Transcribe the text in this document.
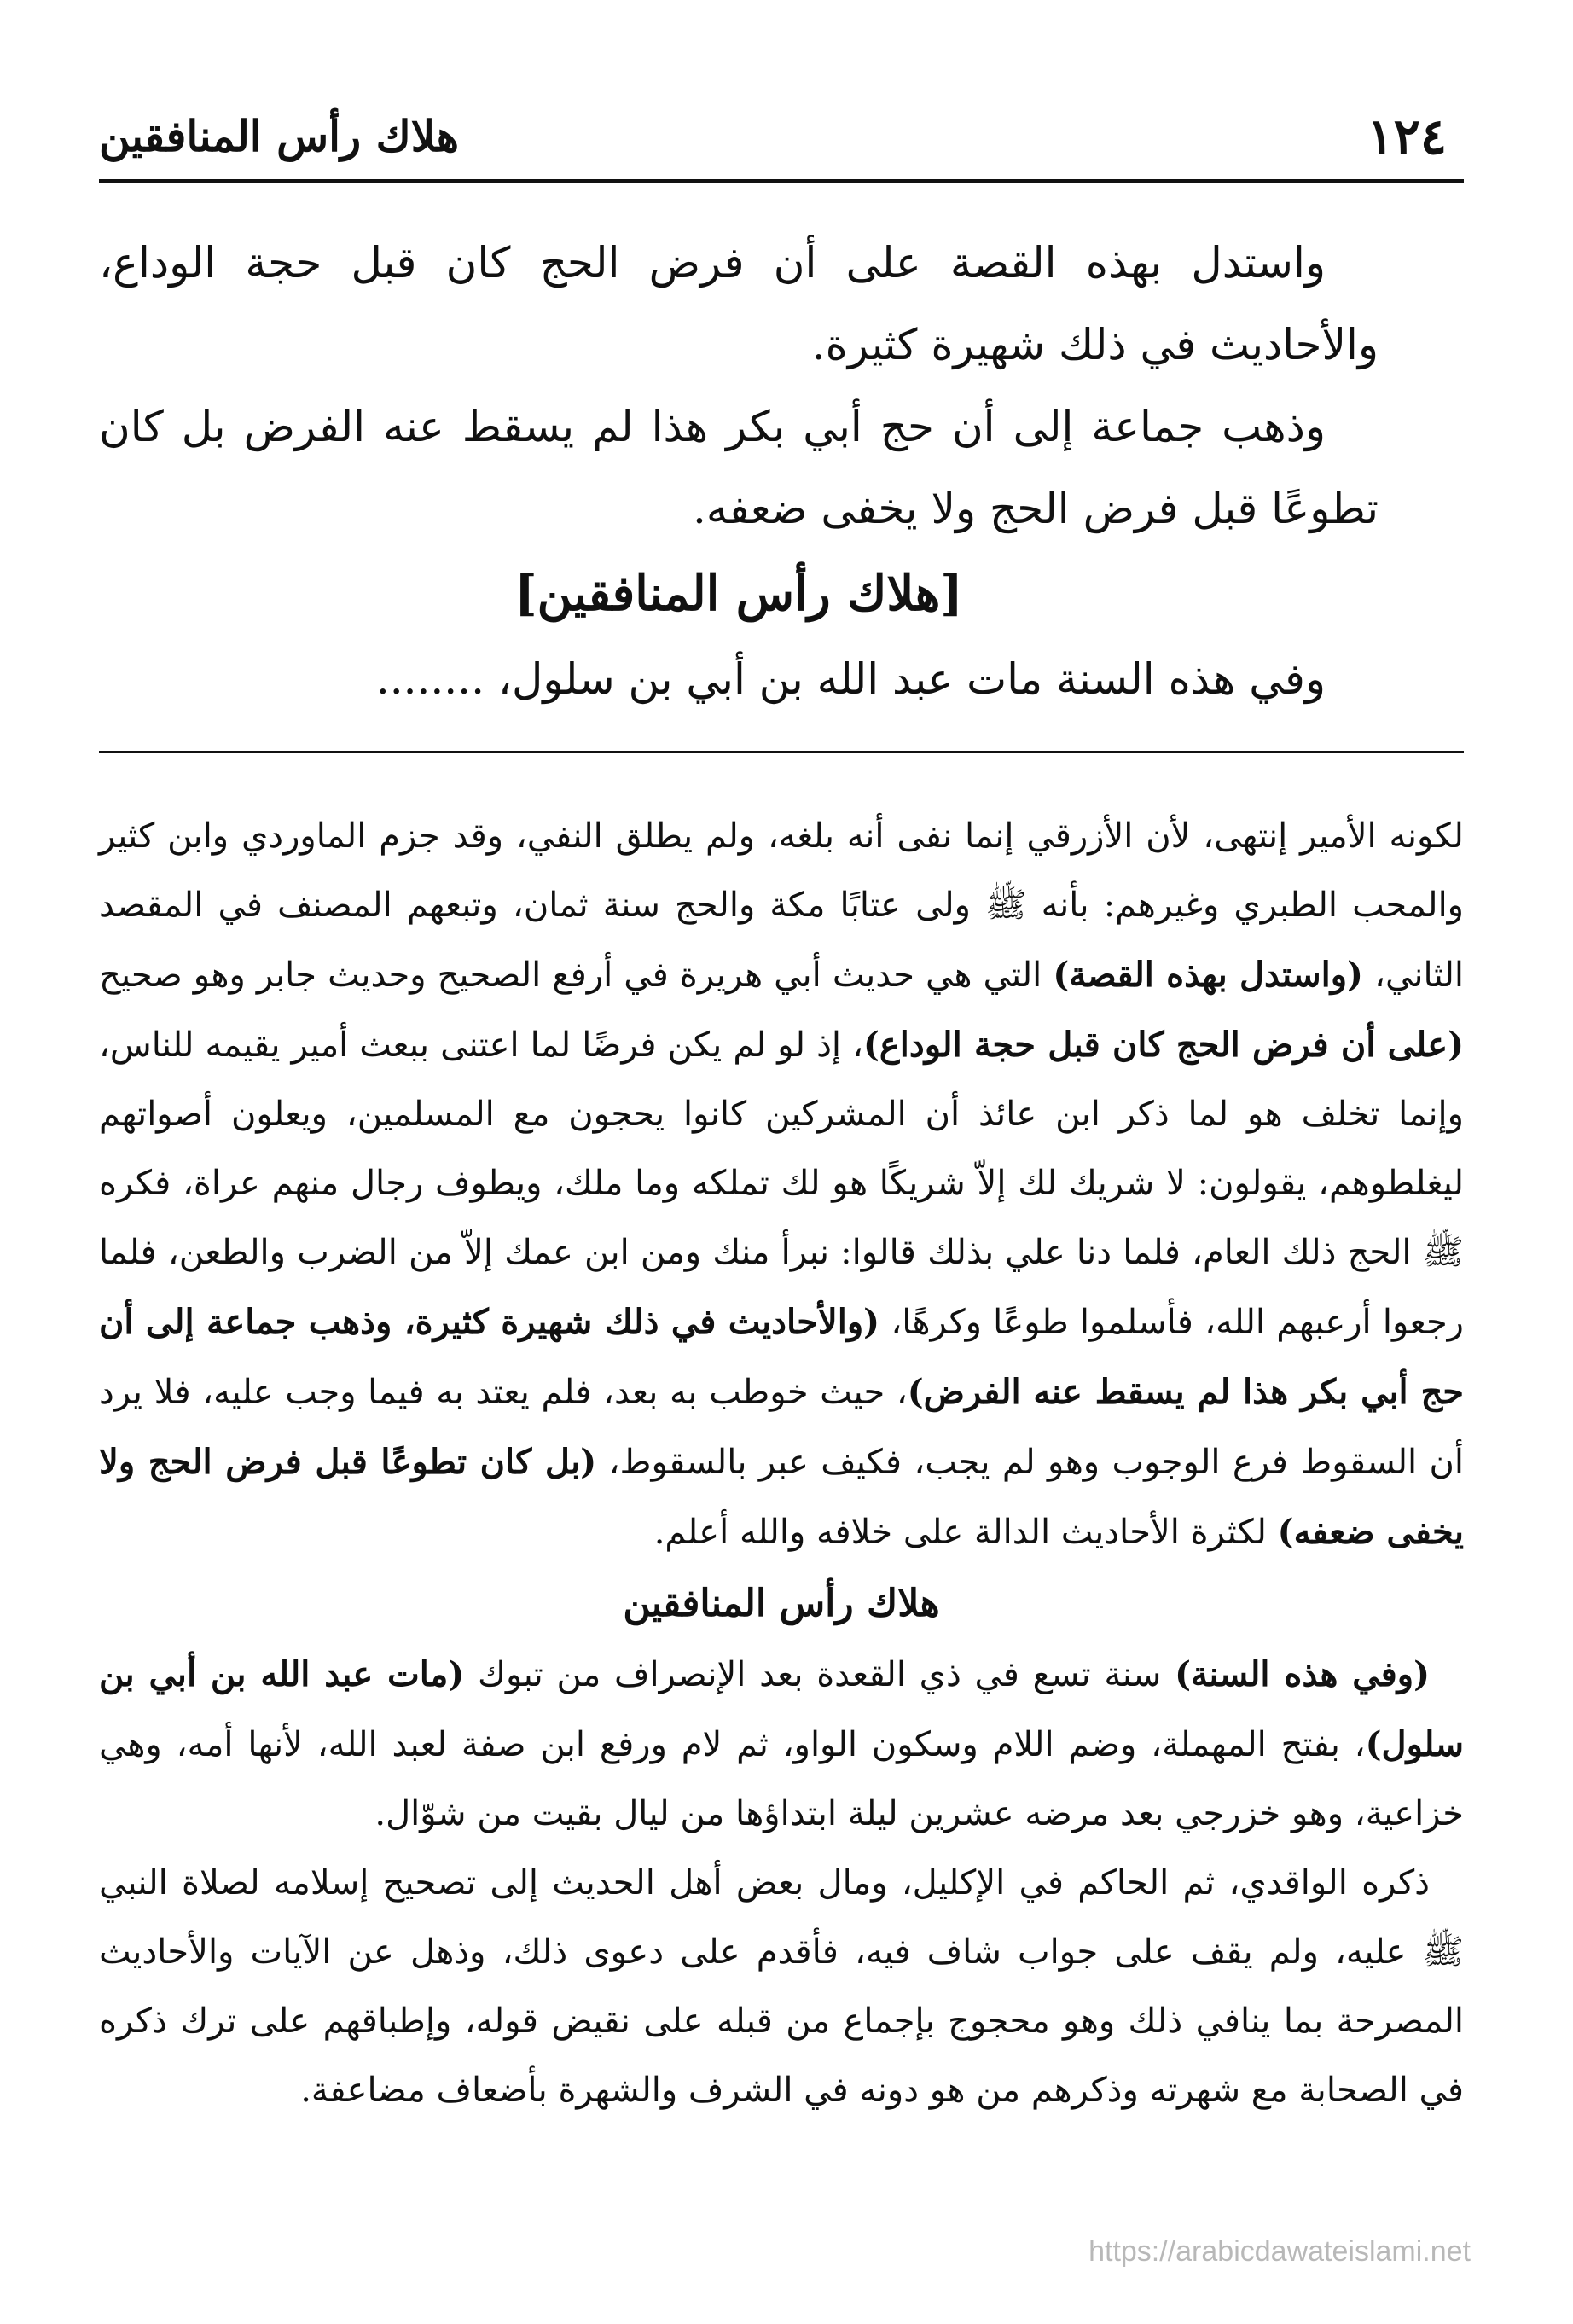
هلاك رأس المنافقين	١٢٤

واستدل بهذه القصة على أن فرض الحج كان قبل حجة الوداع، والأحاديث في ذلك شهيرة كثيرة.

وذهب جماعة إلى أن حج أبي بكر هذا لم يسقط عنه الفرض بل كان تطوعًا قبل فرض الحج ولا يخفى ضعفه.

[هلاك رأس المنافقين]

وفي هذه السنة مات عبد الله بن أبي بن سلول، ........

لكونه الأمير إنتهى، لأن الأزرقي إنما نفى أنه بلغه، ولم يطلق النفي، وقد جزم الماوردي وابن كثير والمحب الطبري وغيرهم: بأنه ﷺ ولى عتابًا مكة والحج سنة ثمان، وتبعهم المصنف في المقصد الثاني، (واستدل بهذه القصة) التي هي حديث أبي هريرة في أرفع الصحيح وحديث جابر وهو صحيح (على أن فرض الحج كان قبل حجة الوداع)، إذ لو لم يكن فرضًا لما اعتنى ببعث أمير يقيمه للناس، وإنما تخلف هو لما ذكر ابن عائذ أن المشركين كانوا يحجون مع المسلمين، ويعلون أصواتهم ليغلطوهم، يقولون: لا شريك لك إلاّ شريكًا هو لك تملكه وما ملك، ويطوف رجال منهم عراة، فكره ﷺ الحج ذلك العام، فلما دنا علي بذلك قالوا: نبرأ منك ومن ابن عمك إلاّ من الضرب والطعن، فلما رجعوا أرعبهم الله، فأسلموا طوعًا وكرهًا، (والأحاديث في ذلك شهيرة كثيرة، وذهب جماعة إلى أن حج أبي بكر هذا لم يسقط عنه الفرض)، حيث خوطب به بعد، فلم يعتد به فيما وجب عليه، فلا يرد أن السقوط فرع الوجوب وهو لم يجب، فكيف عبر بالسقوط، (بل كان تطوعًا قبل فرض الحج ولا يخفى ضعفه) لكثرة الأحاديث الدالة على خلافه والله أعلم.

هلاك رأس المنافقين

(وفي هذه السنة) سنة تسع في ذي القعدة بعد الإنصراف من تبوك (مات عبد الله بن أبي بن سلول)، بفتح المهملة، وضم اللام وسكون الواو، ثم لام ورفع ابن صفة لعبد الله، لأنها أمه، وهي خزاعية، وهو خزرجي بعد مرضه عشرين ليلة ابتداؤها من ليال بقيت من شوّال.

ذكره الواقدي، ثم الحاكم في الإكليل، ومال بعض أهل الحديث إلى تصحيح إسلامه لصلاة النبي ﷺ عليه، ولم يقف على جواب شاف فيه، فأقدم على دعوى ذلك، وذهل عن الآيات والأحاديث المصرحة بما ينافي ذلك وهو محجوج بإجماع من قبله على نقيض قوله، وإطباقهم على ترك ذكره في الصحابة مع شهرته وذكرهم من هو دونه في الشرف والشهرة بأضعاف مضاعفة.

https://arabicdawateislami.net
